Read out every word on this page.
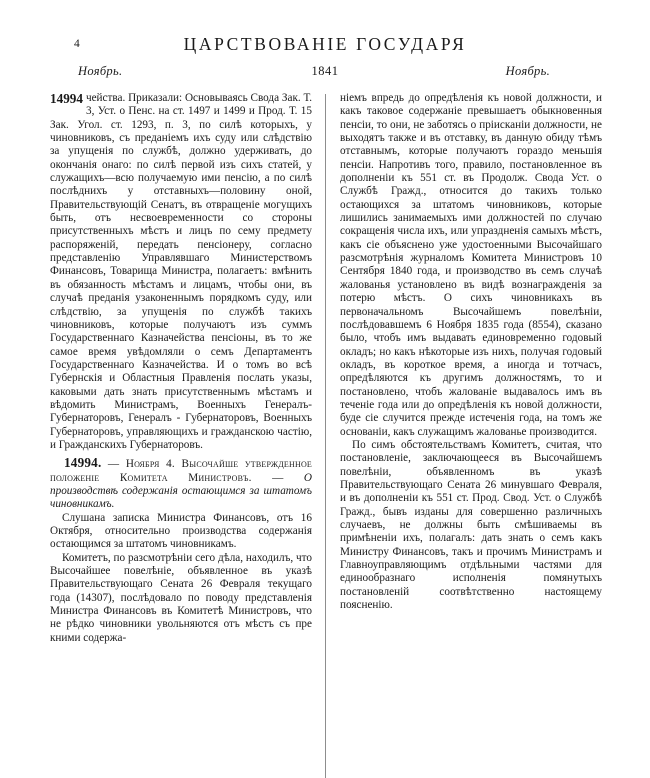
4	ЦАРСТВОВАНIЕ ГОСУДАРЯ
Ноябрь.	1841	Ноябрь.

14994 чейства. Приказали: Основываясь Свода Зак. Т. 3, Уст. о Пенс. на ст. 1497 и 1499 и Прод. Т. 15 Зак. Угол. ст. 1293, п. 3, по силѣ которыхъ, у чиновниковъ, съ преданiемъ ихъ суду или слѣдствiю за упущенiя по службѣ, должно удерживать, до окончанiя онаго: по силѣ первой изъ сихъ статей, у служащихъ—всю получаемую ими пенсiю, а по силѣ послѣднихъ у отставныхъ—половину оной, Правительствующiй Сенатъ, въ отвращенiе могущихъ быть, отъ несвоевременности со стороны присутственныхъ мѣстъ и лицъ по сему предмету распоряженiй, передать пенсiонеру, согласно представленiю Управлявшаго Министерствомъ Финансовъ, Товарища Министра, полагаетъ: вмѣнить въ обязанность мѣстамъ и лицамъ, чтобы они, въ случаѣ преданiя узаконеннымъ порядкомъ суду, или слѣдствiю, за упущенiя по службѣ такихъ чиновниковъ, которые получаютъ изъ суммъ Государственнаго Казначейства пенсiоны, въ то же самое время увѣдомляли о семъ Департаментъ Государственнаго Казначейства. И о томъ во всѣ Губернскiя и Областныя Правленiя послать указы, каковыми дать знать присутственнымъ мѣстамъ и вѣдомить Министрамъ, Военныхъ Генералъ-Губернаторовъ, Генералъ - Губернаторовъ, Военныхъ Губернаторовъ, управляющихъ и гражданскою частiю, и Гражданскихъ Губернаторовъ.

14994. — Ноября 4. Высочайше утвержденное положенiе Комитета Министровъ. — О производствѣ содержанiя остающимся за штатомъ чиновникамъ.

Слушана записка Министра Финансовъ, отъ 16 Октября, относительно производства содержанiя остающимся за штатомъ чиновникамъ.

Комитетъ, по разсмотрѣнiи сего дѣла, находилъ, что Высочайшее повелѣнiе, объявленное въ указѣ Правительствующаго Сената 26 Февраля текущаго года (14307), послѣдовало по поводу представленiя Министра Финансовъ въ Комитетѣ Министровъ, что не рѣдко чиновники увольняются отъ мѣстъ съ пре кними содержа-

нiемъ впредь до опредѣленiя къ новой должности, и какъ таковое содержанiе превышаетъ обыкновенныя пенсiи, то они, не заботясь о прiисканiи должности, не выходятъ также и въ отставку, въ данную обиду тѣмъ отставнымъ, которые получаютъ гораздо меньшiя пенсiи. Напротивъ того, правило, постановленное въ дополненiи къ 551 ст. въ Продолж. Свода Уст. о Службѣ Гражд., относится до такихъ только остающихся за штатомъ чиновниковъ, которые лишились занимаемыхъ ими должностей по случаю сокращенiя числа ихъ, или упраздненiя самыхъ мѣстъ, какъ сiе объяснено уже удостоенными Высочайшаго разсмотрѣнiя журналомъ Комитета Министровъ 10 Сентября 1840 года, и производство въ семъ случаѣ жалованья установлено въ видѣ вознагражденiя за потерю мѣстъ. О сихъ чиновникахъ въ первоначальномъ Высочайшемъ повелѣнiи, послѣдовавшемъ 6 Ноября 1835 года (8554), сказано было, чтобъ имъ выдавать единовременно годовый окладъ; но какъ нѣкоторые изъ нихъ, получая годовый окладъ, въ короткое время, а иногда и тотчасъ, опредѣляются къ другимъ должностямъ, то и постановлено, чтобъ жалованiе выдавалось имъ въ теченiе года или до опредѣленiя къ новой должности, буде сiе случится прежде истеченiя года, на томъ же основанiи, какъ служащимъ жалованье производится.

По симъ обстоятельствамъ Комитетъ, считая, что постановленiе, заключающееся въ Высочайшемъ повелѣнiи, объявленномъ въ указѣ Правительствующаго Сената 26 минувшаго Февраля, и въ дополненiи къ 551 ст. Прод. Свод. Уст. о Службѣ Гражд., бывъ изданы для совершенно различныхъ случаевъ, не должны быть смѣшиваемы въ примѣненiи ихъ, полагалъ: дать знать о семъ какъ Министру Финансовъ, такъ и прочимъ Министрамъ и Главноуправляющимъ отдѣльными частями для единообразнаго исполненiя помянутыхъ постановленiй соотвѣтственно настоящему поясненiю.
